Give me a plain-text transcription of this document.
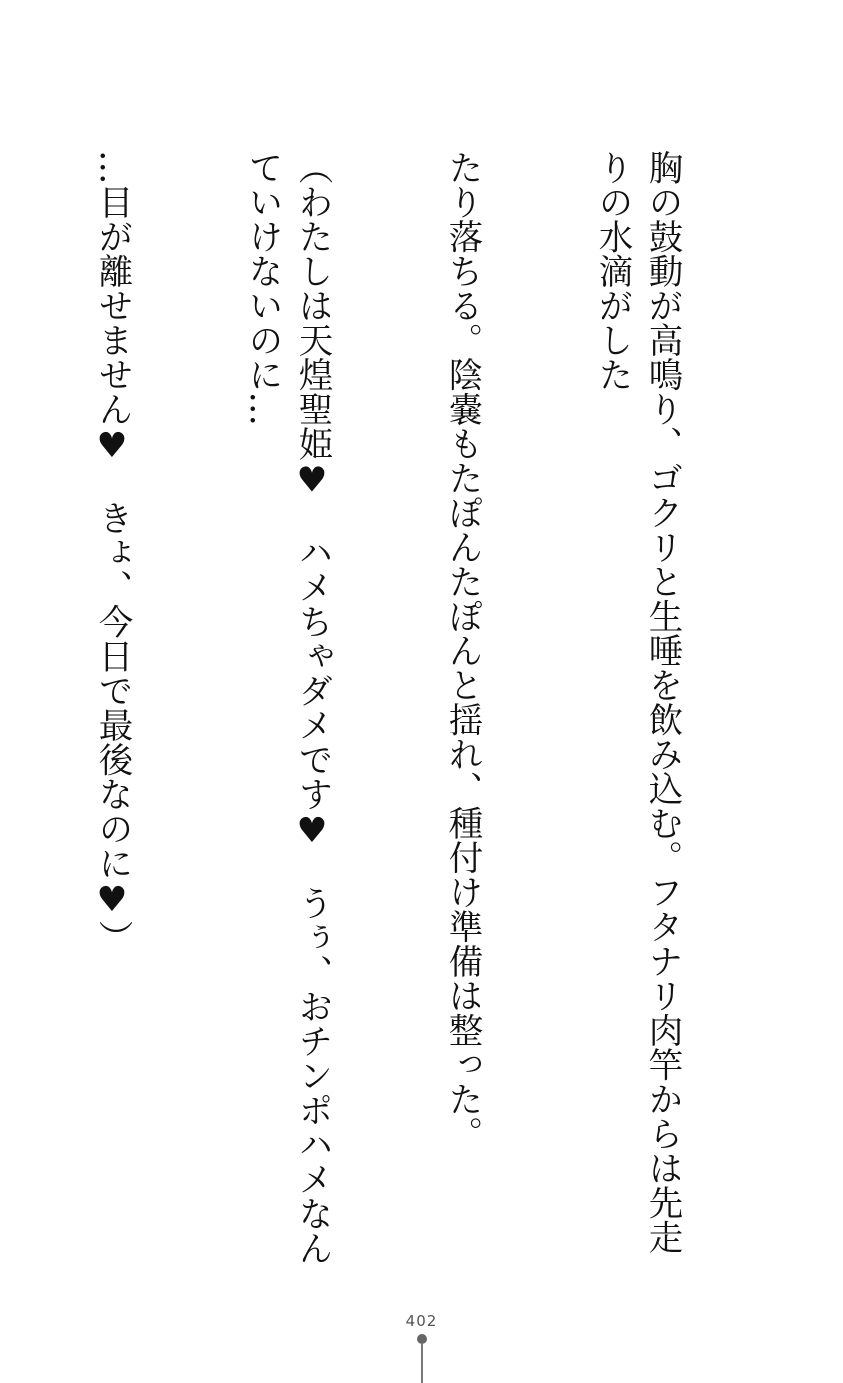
胸の鼓動が高鳴り、ゴクリと生唾を飲み込む。フタナリ肉竿からは先走りの水滴がした

たり落ちる。陰嚢もたぽんたぽんと揺れ、種付け準備は整った。

（わたしは天煌聖姫♥　ハメちゃダメです♥　うぅ、おチンポハメなんていけないのに…

…目が離せません♥　きょ、今日で最後なのに♥）

402
